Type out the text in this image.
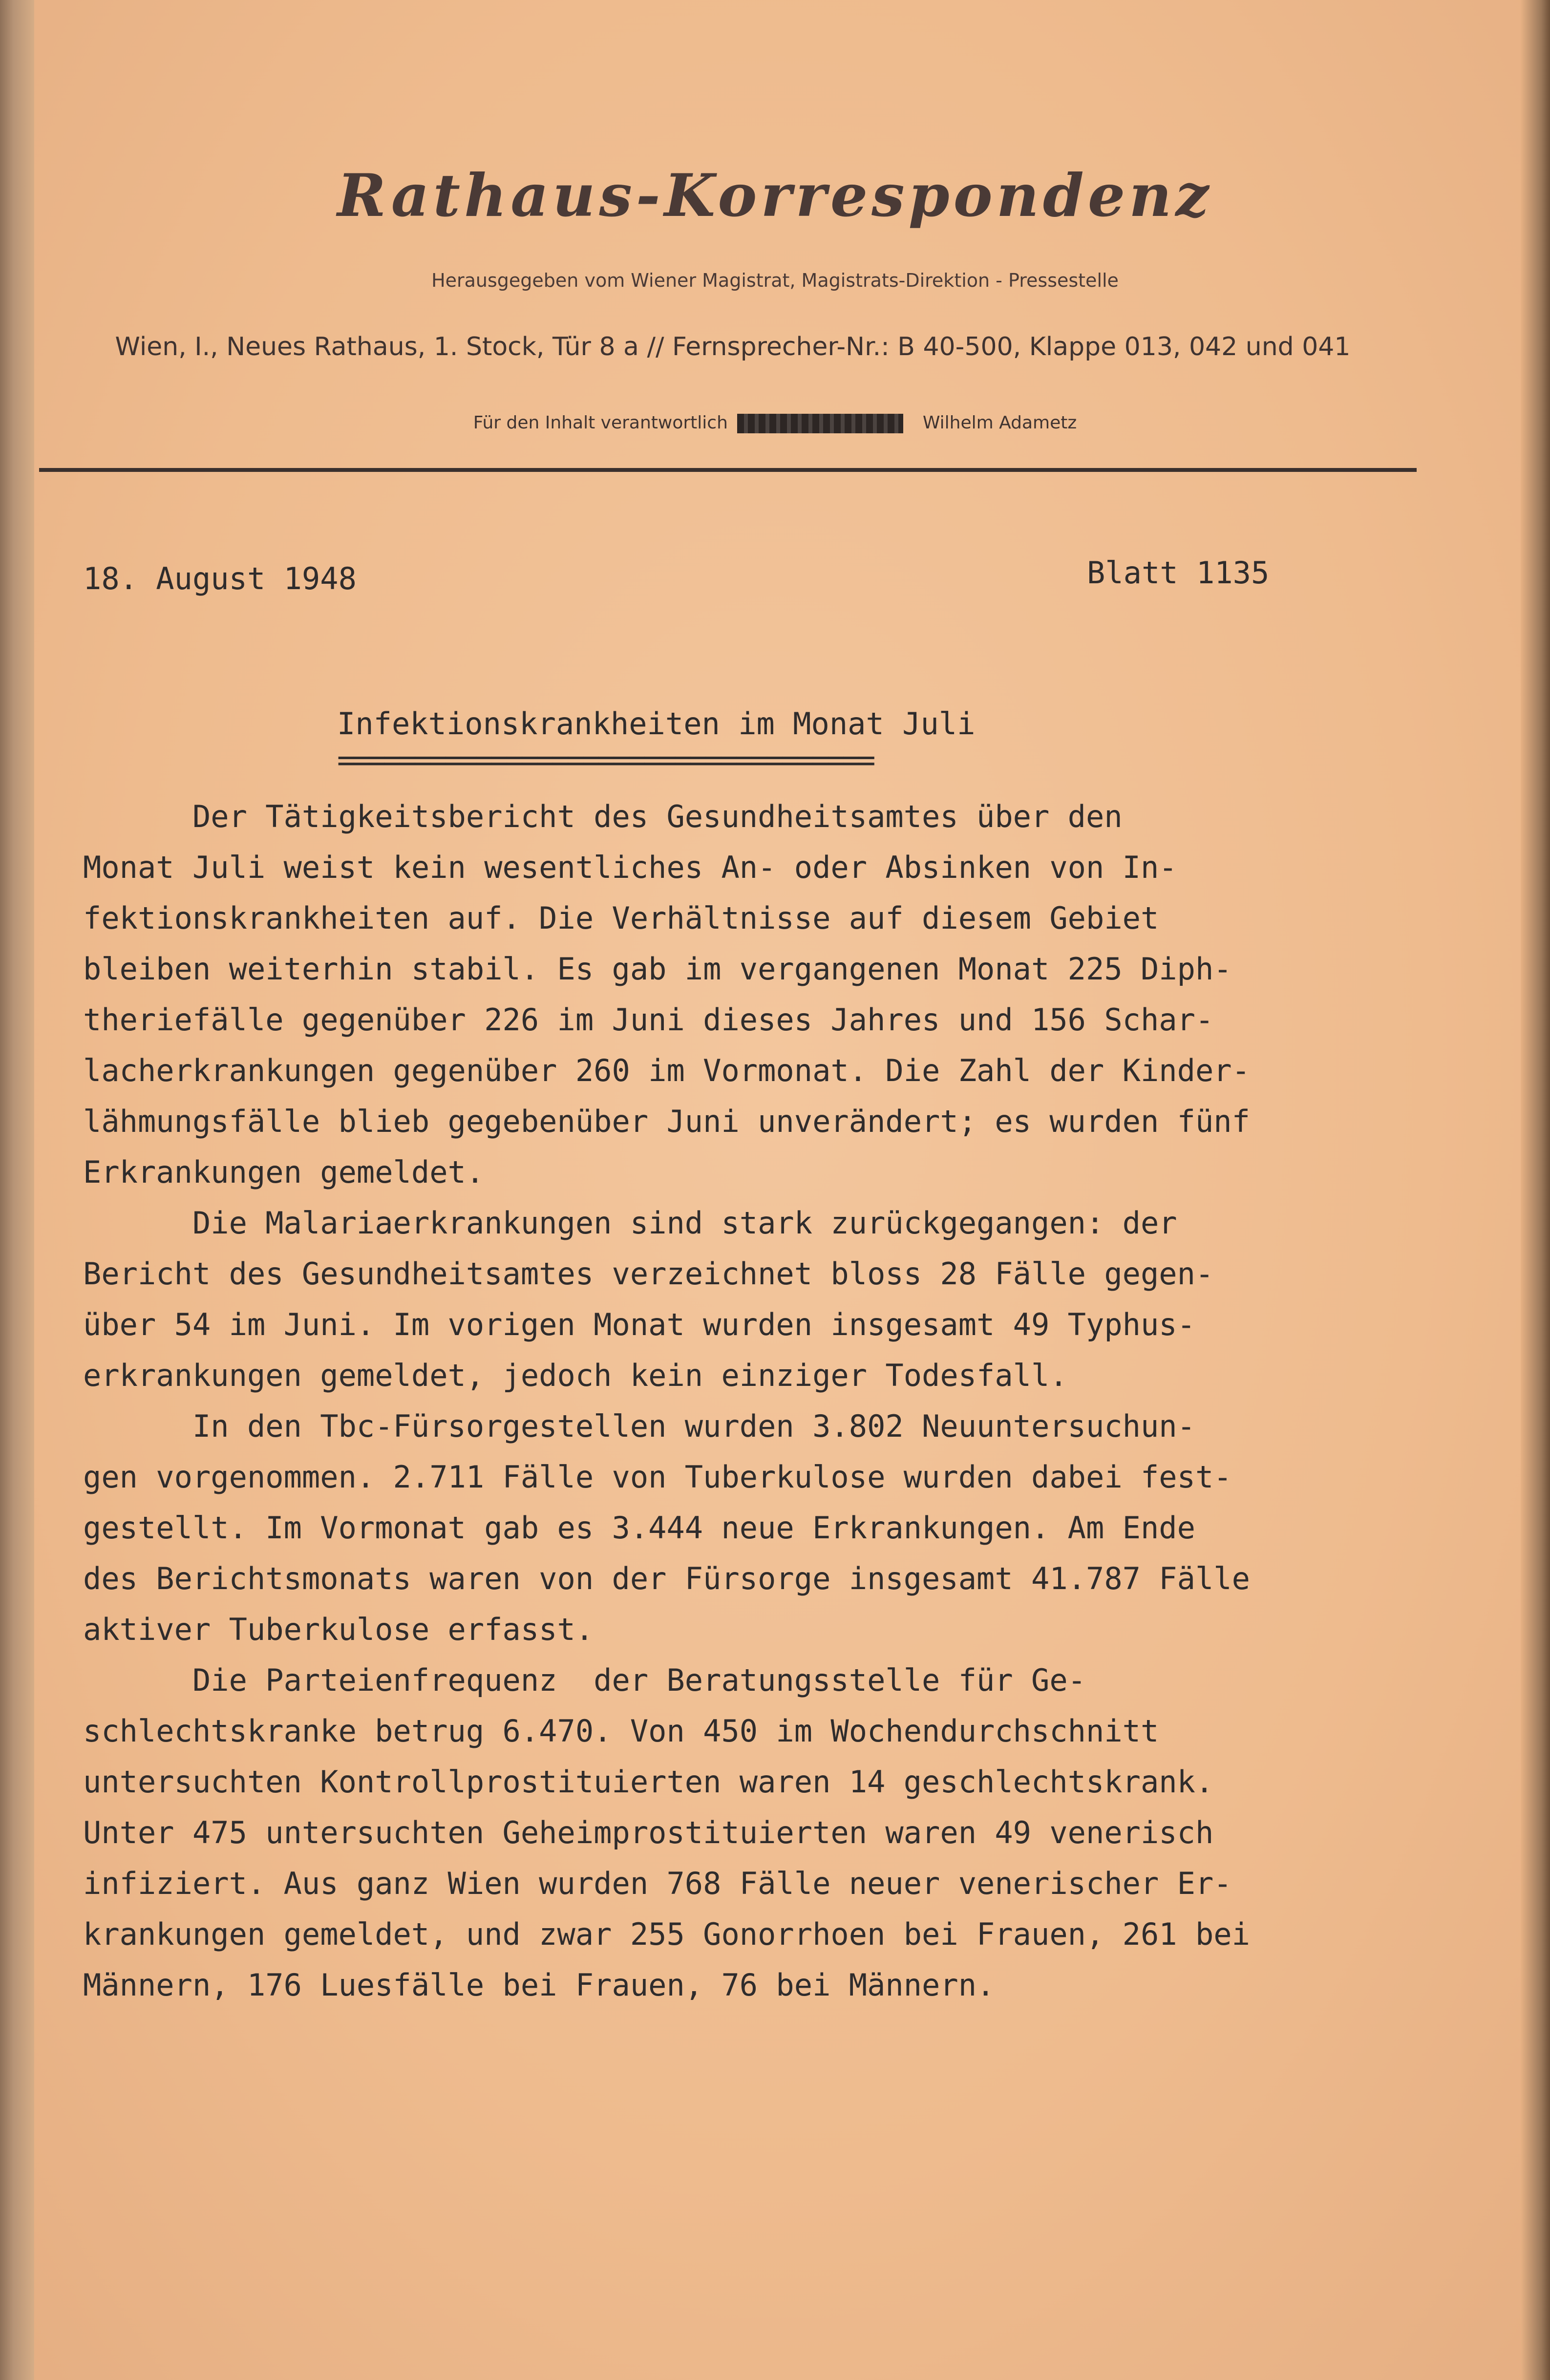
Rathaus-Korrespondenz
Herausgegeben vom Wiener Magistrat, Magistrats-Direktion - Pressestelle
Wien, I., Neues Rathaus, 1. Stock, Tür 8 a // Fernsprecher-Nr.: B 40-500, Klappe 013, 042 und 041
Für den Inhalt verantwortlich	Wilhelm Adametz
18. August 1948	Blatt 1135
Infektionskrankheiten im Monat Juli
===================================
Der Tätigkeitsbericht des Gesundheitsamtes über den
Monat Juli weist kein wesentliches An- oder Absinken von In-
fektionskrankheiten auf. Die Verhältnisse auf diesem Gebiet
bleiben weiterhin stabil. Es gab im vergangenen Monat 225 Diph-
theriefälle gegenüber 226 im Juni dieses Jahres und 156 Schar-
lacherkrankungen gegenüber 260 im Vormonat. Die Zahl der Kinder-
lähmungsfälle blieb gegebenüber Juni unverändert; es wurden fünf
Erkrankungen gemeldet.
Die Malariaerkrankungen sind stark zurückgegangen: der
Bericht des Gesundheitsamtes verzeichnet bloss 28 Fälle gegen-
über 54 im Juni. Im vorigen Monat wurden insgesamt 49 Typhus-
erkrankungen gemeldet, jedoch kein einziger Todesfall.
In den Tbc-Fürsorgestellen wurden 3.802 Neuuntersuchun-
gen vorgenommen. 2.711 Fälle von Tuberkulose wurden dabei fest-
gestellt. Im Vormonat gab es 3.444 neue Erkrankungen. Am Ende
des Berichtsmonats waren von der Fürsorge insgesamt 41.787 Fälle
aktiver Tuberkulose erfasst.
Die Parteienfrequenz  der Beratungsstelle für Ge-
schlechtskranke betrug 6.470. Von 450 im Wochendurchschnitt
untersuchten Kontrollprostituierten waren 14 geschlechtskrank.
Unter 475 untersuchten Geheimprostituierten waren 49 venerisch
infiziert. Aus ganz Wien wurden 768 Fälle neuer venerischer Er-
krankungen gemeldet, und zwar 255 Gonorrhoen bei Frauen, 261 bei
Männern, 176 Luesfälle bei Frauen, 76 bei Männern.
